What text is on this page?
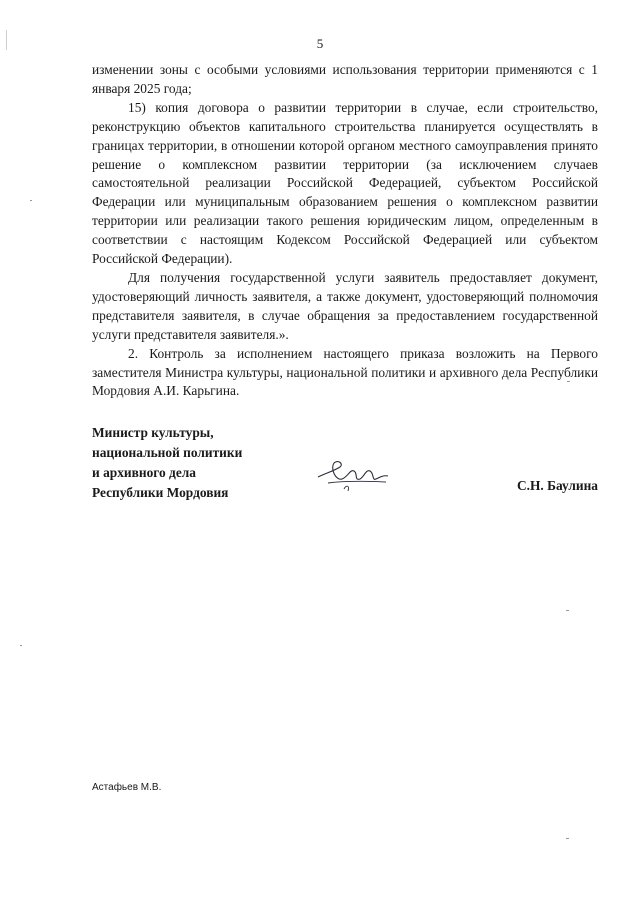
5

изменении зоны с особыми условиями использования территории применяются с 1 января 2025 года;

15) копия договора о развитии территории в случае, если строительство, реконструкцию объектов капитального строительства планируется осуществлять в границах территории, в отношении которой органом местного самоуправления принято решение о комплексном развитии территории (за исключением случаев самостоятельной реализации Российской Федерацией, субъектом Российской Федерации или муниципальным образованием решения о комплексном развитии территории или реализации такого решения юридическим лицом, определенным в соответствии с настоящим Кодексом Российской Федерацией или субъектом Российской Федерации).

Для получения государственной услуги заявитель предоставляет документ, удостоверяющий личность заявителя, а также документ, удостоверяющий полномочия представителя заявителя, в случае обращения за предоставлением государственной услуги представителя заявителя.».

2. Контроль за исполнением настоящего приказа возложить на Первого заместителя Министра культуры, национальной политики и архивного дела Республики Мордовия А.И. Карьгина.

Министр культуры,
национальной политики
и архивного дела
Республики Мордовия	С.Н. Баулина
Астафьев М.В.
